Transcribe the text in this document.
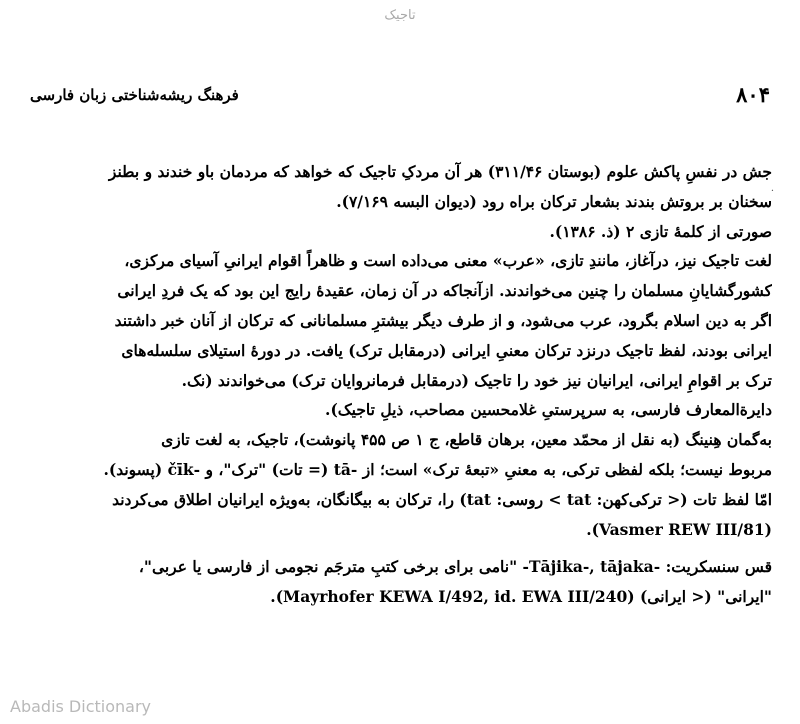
تاجیک
فرهنگ ریشه‌شناختی زبان فارسی	۸۰۴
·
جش در نفسِ پاکش علوم (بوستان ۳۱۱/۴۶) هر آن مردکِ تاجیک که خواهد که مردمان باو خندند و بطنز
سخنان بر بروتش بندند بشعار ترکان براه رود (دیوان البسه ۷/۱۶۹).
صورتی از کلمهٔ تازی ۲ (ذ. ۱۳۸۶).
لغت تاجیک نیز، درآغاز، مانندِ تازی، «عرب» معنی می‌داده است و ظاهراً اقوام ایرانیِ آسیای مرکزی،
کشورگشایانِ مسلمان را چنین می‌خواندند. ازآنجاکه در آن زمان، عقیدهٔ رایج این بود که یک فردِ ایرانی
اگر به دین اسلام بگرود، عرب می‌شود، و از طرف دیگر بیشترِ مسلمانانی که ترکان از آنان خبر داشتند
ایرانی بودند، لفظ تاجیک درنزد ترکان معنیِ ایرانی (درمقابل ترک) یافت. در دورهٔ استیلای سلسله‌های
ترک بر اقوامِ ایرانی، ایرانیان نیز خود را تاجیک (درمقابل فرمانروایان ترک) می‌خواندند (نک.
دایرةالمعارف فارسی، به سرپرستیِ غلامحسین مصاحب، ذیلِ تاجیک).
به‌گمان هِنینگ (به نقل از محمّد معین، برهان قاطع، ج ۱ ص ۴۵۵ پانوشت)، تاجیک، به لغت تازی
مربوط نیست؛ بلکه لفظی ترکی، به معنیِ «تبعهٔ ترک» است؛ از -tā (= تات) "ترک"، و -čīk (پسوند).
امّا لفظ تات (< ترکی‌کهن: tat > روسی: tat) را، ترکان به بیگانگان، به‌ویژه ایرانیان اطلاق می‌کردند
(Vasmer REW III/81).
قس سنسکریت: -Tājika-, tājaka- "نامی برای برخی کتبِ مترجَم نجومی از فارسی یا عربی"،
"ایرانی" (< ایرانی) (Mayrhofer KEWA I/492, id. EWA III/240).
Abadis Dictionary
